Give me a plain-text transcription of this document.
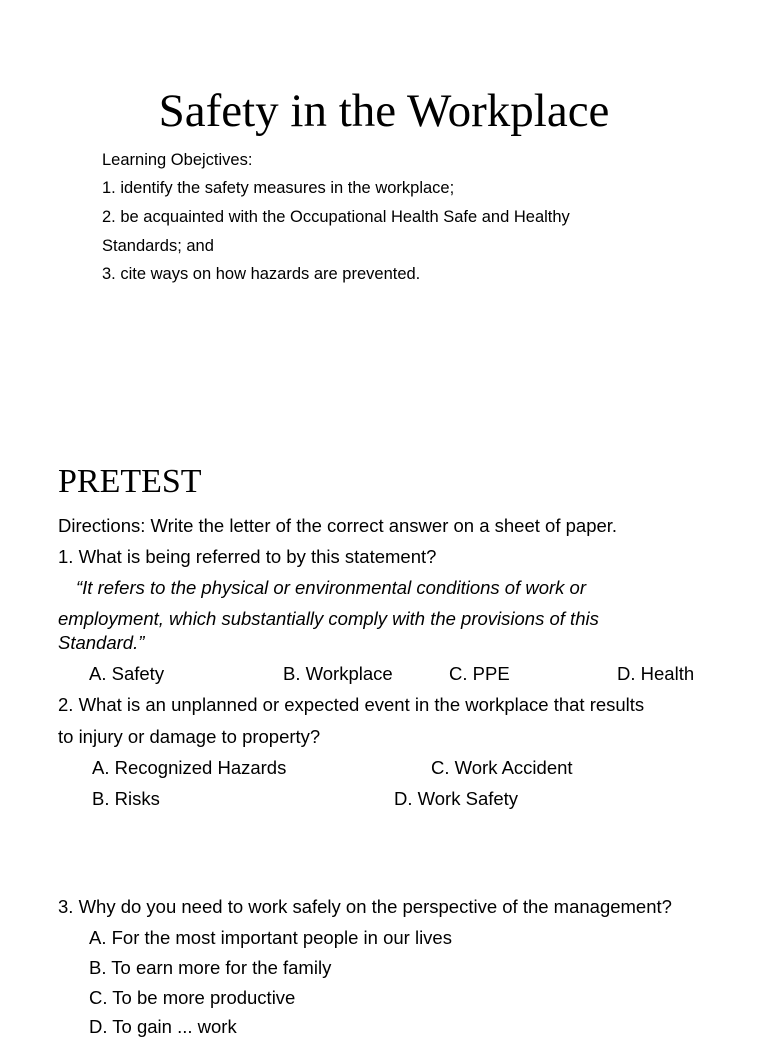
Safety in the Workplace
Learning Obejctives:
1. identify the safety measures in the workplace;
2. be acquainted with the Occupational Health Safe and Healthy
Standards; and
3. cite ways on how hazards are prevented.
PRETEST
Directions: Write the letter of the correct answer on a sheet of paper.
1. What is being referred to by this statement?
“It refers to the physical or environmental conditions of work or
employment, which substantially comply with the provisions of this
Standard.”
A. Safety	B. Workplace	C. PPE	D. Health
2. What is an unplanned or expected event in the workplace that results
to injury or damage to property?
A. Recognized Hazards	C. Work Accident
B. Risks	D. Work Safety
3. Why do you need to work safely on the perspective of the management?
A. For the most important people in our lives
B. To earn more for the family
C. To be more productive
D. To gain ... work
